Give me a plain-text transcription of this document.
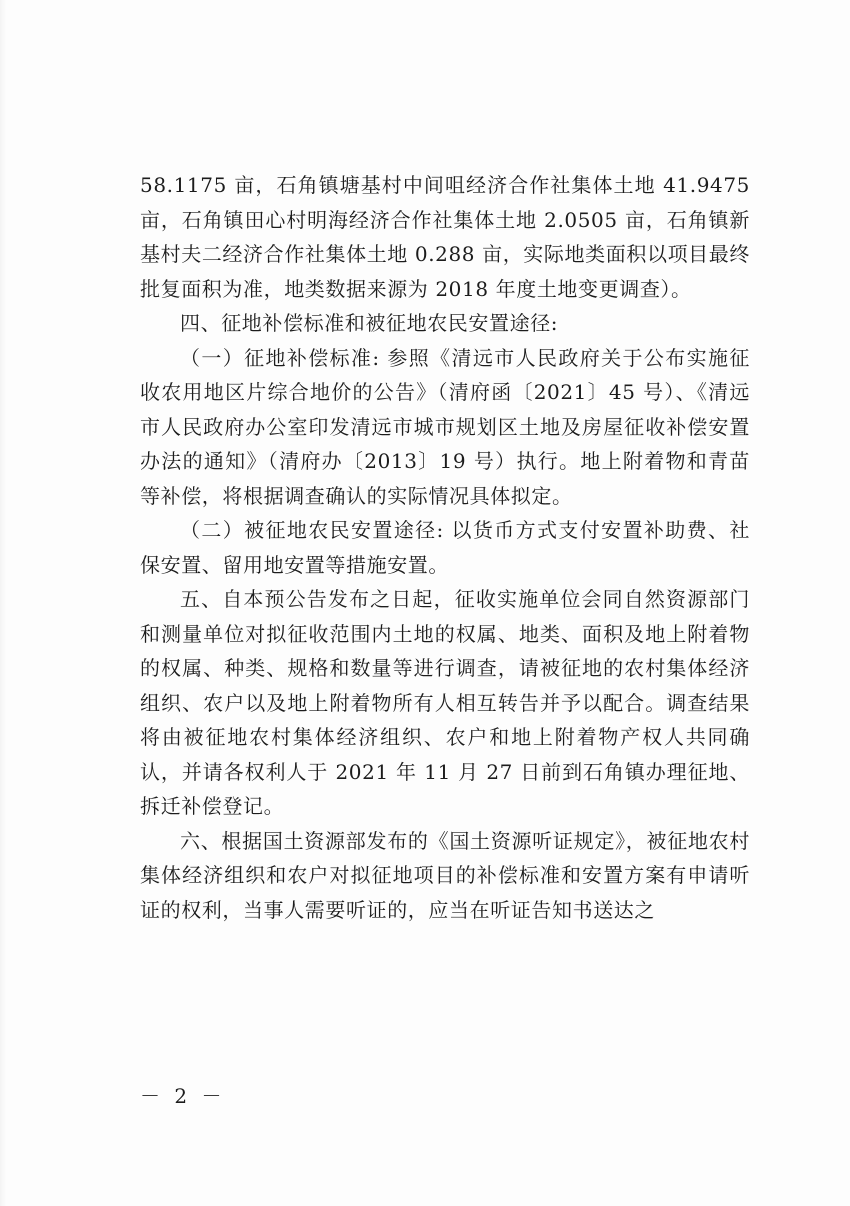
58.1175 亩，石角镇塘基村中间咀经济合作社集体土地 41.9475 亩，石角镇田心村明海经济合作社集体土地 2.0505 亩，石角镇新基村夫二经济合作社集体土地 0.288 亩，实际地类面积以项目最终批复面积为准，地类数据来源为 2018 年度土地变更调查）。

四、征地补偿标准和被征地农民安置途径:

（一）征地补偿标准: 参照《清远市人民政府关于公布实施征收农用地区片综合地价的公告》（清府函〔2021〕45 号）、《清远市人民政府办公室印发清远市城市规划区土地及房屋征收补偿安置办法的通知》（清府办〔2013〕19 号）执行。地上附着物和青苗等补偿，将根据调查确认的实际情况具体拟定。

（二）被征地农民安置途径: 以货币方式支付安置补助费、社保安置、留用地安置等措施安置。

五、自本预公告发布之日起，征收实施单位会同自然资源部门和测量单位对拟征收范围内土地的权属、地类、面积及地上附着物的权属、种类、规格和数量等进行调查，请被征地的农村集体经济组织、农户以及地上附着物所有人相互转告并予以配合。调查结果将由被征地农村集体经济组织、农户和地上附着物产权人共同确认，并请各权利人于 2021 年 11 月 27 日前到石角镇办理征地、拆迁补偿登记。

六、根据国土资源部发布的《国土资源听证规定》，被征地农村集体经济组织和农户对拟征地项目的补偿标准和安置方案有申请听证的权利，当事人需要听证的，应当在听证告知书送达之

－ 2 －
